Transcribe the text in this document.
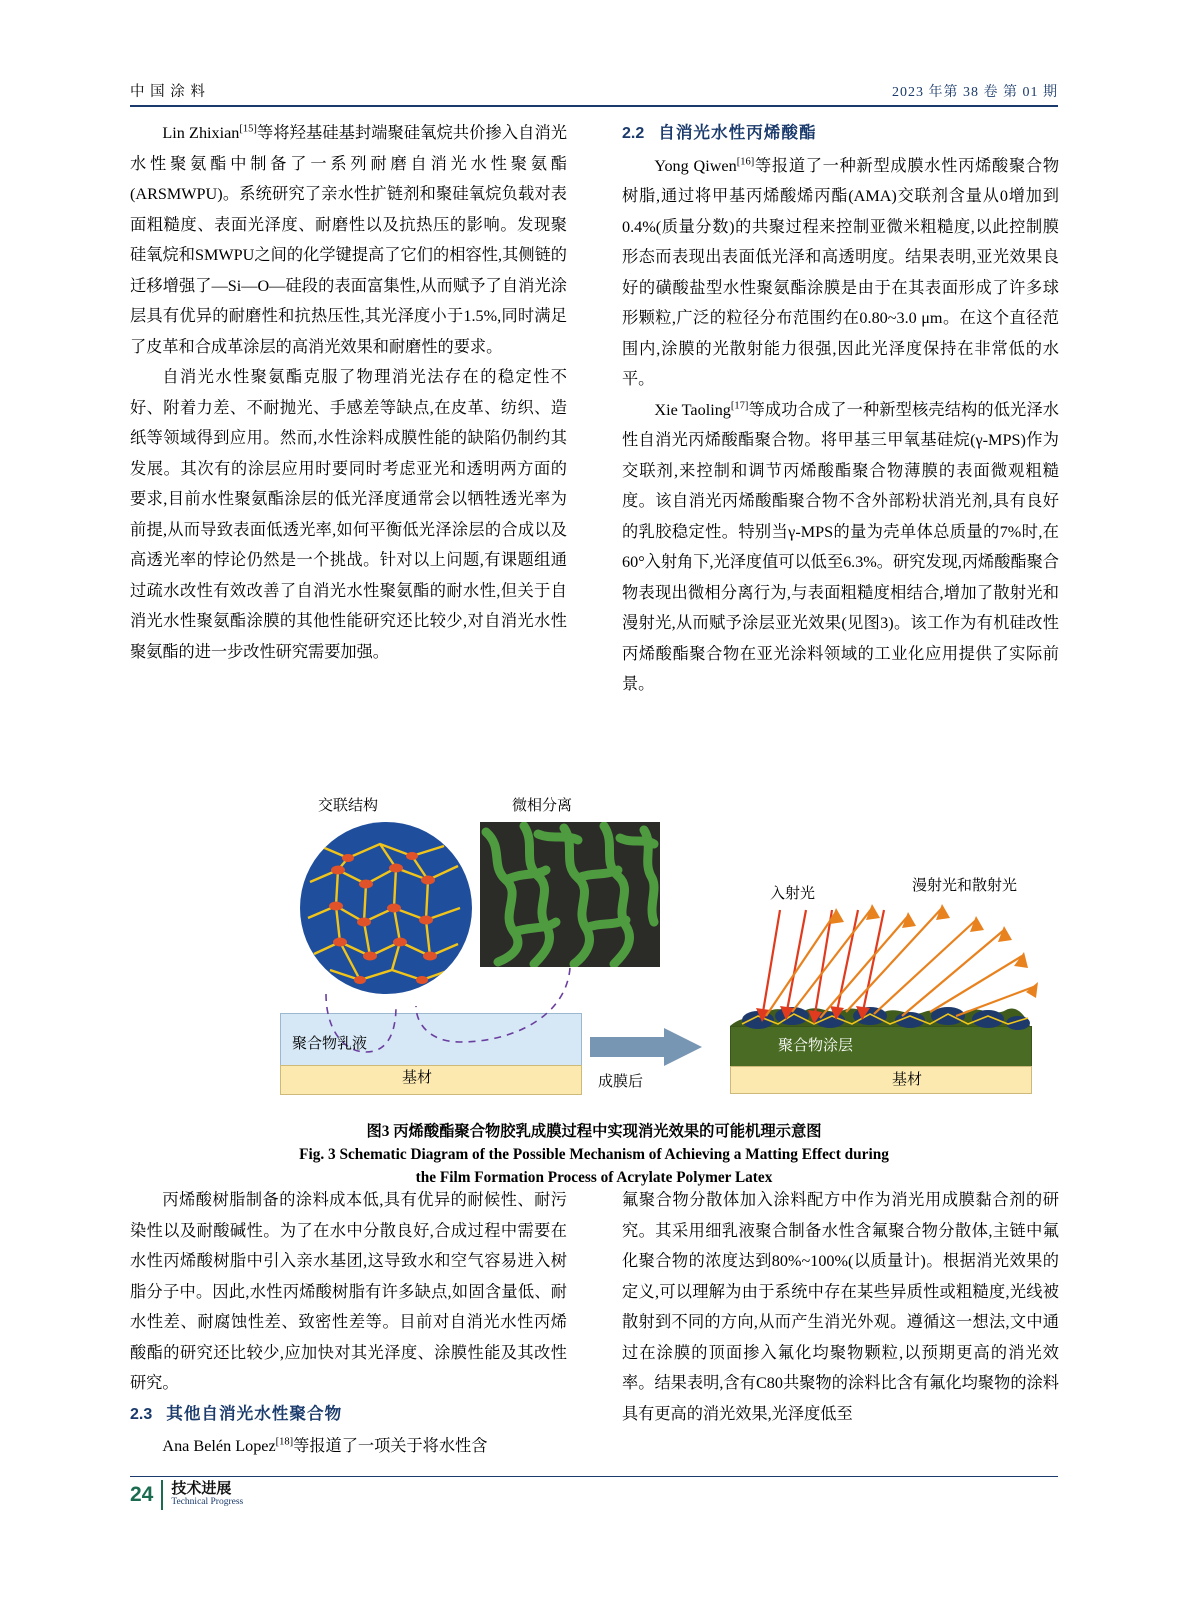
中 国 涂 料	2023 年第 38 卷 第 01 期

Lin Zhixian[15]等将羟基硅基封端聚硅氧烷共价掺入自消光水性聚氨酯中制备了一系列耐磨自消光水性聚氨酯(ARSMWPU)。系统研究了亲水性扩链剂和聚硅氧烷负载对表面粗糙度、表面光泽度、耐磨性以及抗热压的影响。发现聚硅氧烷和SMWPU之间的化学键提高了它们的相容性,其侧链的迁移增强了—Si—O—硅段的表面富集性,从而赋予了自消光涂层具有优异的耐磨性和抗热压性,其光泽度小于1.5%,同时满足了皮革和合成革涂层的高消光效果和耐磨性的要求。

自消光水性聚氨酯克服了物理消光法存在的稳定性不好、附着力差、不耐抛光、手感差等缺点,在皮革、纺织、造纸等领域得到应用。然而,水性涂料成膜性能的缺陷仍制约其发展。其次有的涂层应用时要同时考虑亚光和透明两方面的要求,目前水性聚氨酯涂层的低光泽度通常会以牺牲透光率为前提,从而导致表面低透光率,如何平衡低光泽涂层的合成以及高透光率的悖论仍然是一个挑战。针对以上问题,有课题组通过疏水改性有效改善了自消光水性聚氨酯的耐水性,但关于自消光水性聚氨酯涂膜的其他性能研究还比较少,对自消光水性聚氨酯的进一步改性研究需要加强。

2.2 自消光水性丙烯酸酯

Yong Qiwen[16]等报道了一种新型成膜水性丙烯酸聚合物树脂,通过将甲基丙烯酸烯丙酯(AMA)交联剂含量从0增加到0.4%(质量分数)的共聚过程来控制亚微米粗糙度,以此控制膜形态而表现出表面低光泽和高透明度。结果表明,亚光效果良好的磺酸盐型水性聚氨酯涂膜是由于在其表面形成了许多球形颗粒,广泛的粒径分布范围约在0.80~3.0 μm。在这个直径范围内,涂膜的光散射能力很强,因此光泽度保持在非常低的水平。

Xie Taoling[17]等成功合成了一种新型核壳结构的低光泽水性自消光丙烯酸酯聚合物。将甲基三甲氧基硅烷(γ-MPS)作为交联剂,来控制和调节丙烯酸酯聚合物薄膜的表面微观粗糙度。该自消光丙烯酸酯聚合物不含外部粉状消光剂,具有良好的乳胶稳定性。特别当γ-MPS的量为壳单体总质量的7%时,在60°入射角下,光泽度值可以低至6.3%。研究发现,丙烯酸酯聚合物表现出微相分离行为,与表面粗糙度相结合,增加了散射光和漫射光,从而赋予涂层亚光效果(见图3)。该工作为有机硅改性丙烯酸酯聚合物在亚光涂料领域的工业化应用提供了实际前景。

交联结构	微相分离
入射光	漫射光和散射光
聚合物乳液
基材	成膜后
聚合物涂层
基材
图3 丙烯酸酯聚合物胶乳成膜过程中实现消光效果的可能机理示意图
Fig. 3 Schematic Diagram of the Possible Mechanism of Achieving a Matting Effect during
the Film Formation Process of Acrylate Polymer Latex

丙烯酸树脂制备的涂料成本低,具有优异的耐候性、耐污染性以及耐酸碱性。为了在水中分散良好,合成过程中需要在水性丙烯酸树脂中引入亲水基团,这导致水和空气容易进入树脂分子中。因此,水性丙烯酸树脂有许多缺点,如固含量低、耐水性差、耐腐蚀性差、致密性差等。目前对自消光水性丙烯酸酯的研究还比较少,应加快对其光泽度、涂膜性能及其改性研究。

2.3 其他自消光水性聚合物

Ana Belén Lopez[18]等报道了一项关于将水性含

氟聚合物分散体加入涂料配方中作为消光用成膜黏合剂的研究。其采用细乳液聚合制备水性含氟聚合物分散体,主链中氟化聚合物的浓度达到80%~100%(以质量计)。根据消光效果的定义,可以理解为由于系统中存在某些异质性或粗糙度,光线被散射到不同的方向,从而产生消光外观。遵循这一想法,文中通过在涂膜的顶面掺入氟化均聚物颗粒,以预期更高的消光效率。结果表明,含有C80共聚物的涂料比含有氟化均聚物的涂料具有更高的消光效果,光泽度低至

24 技术进展
Technical Progress
